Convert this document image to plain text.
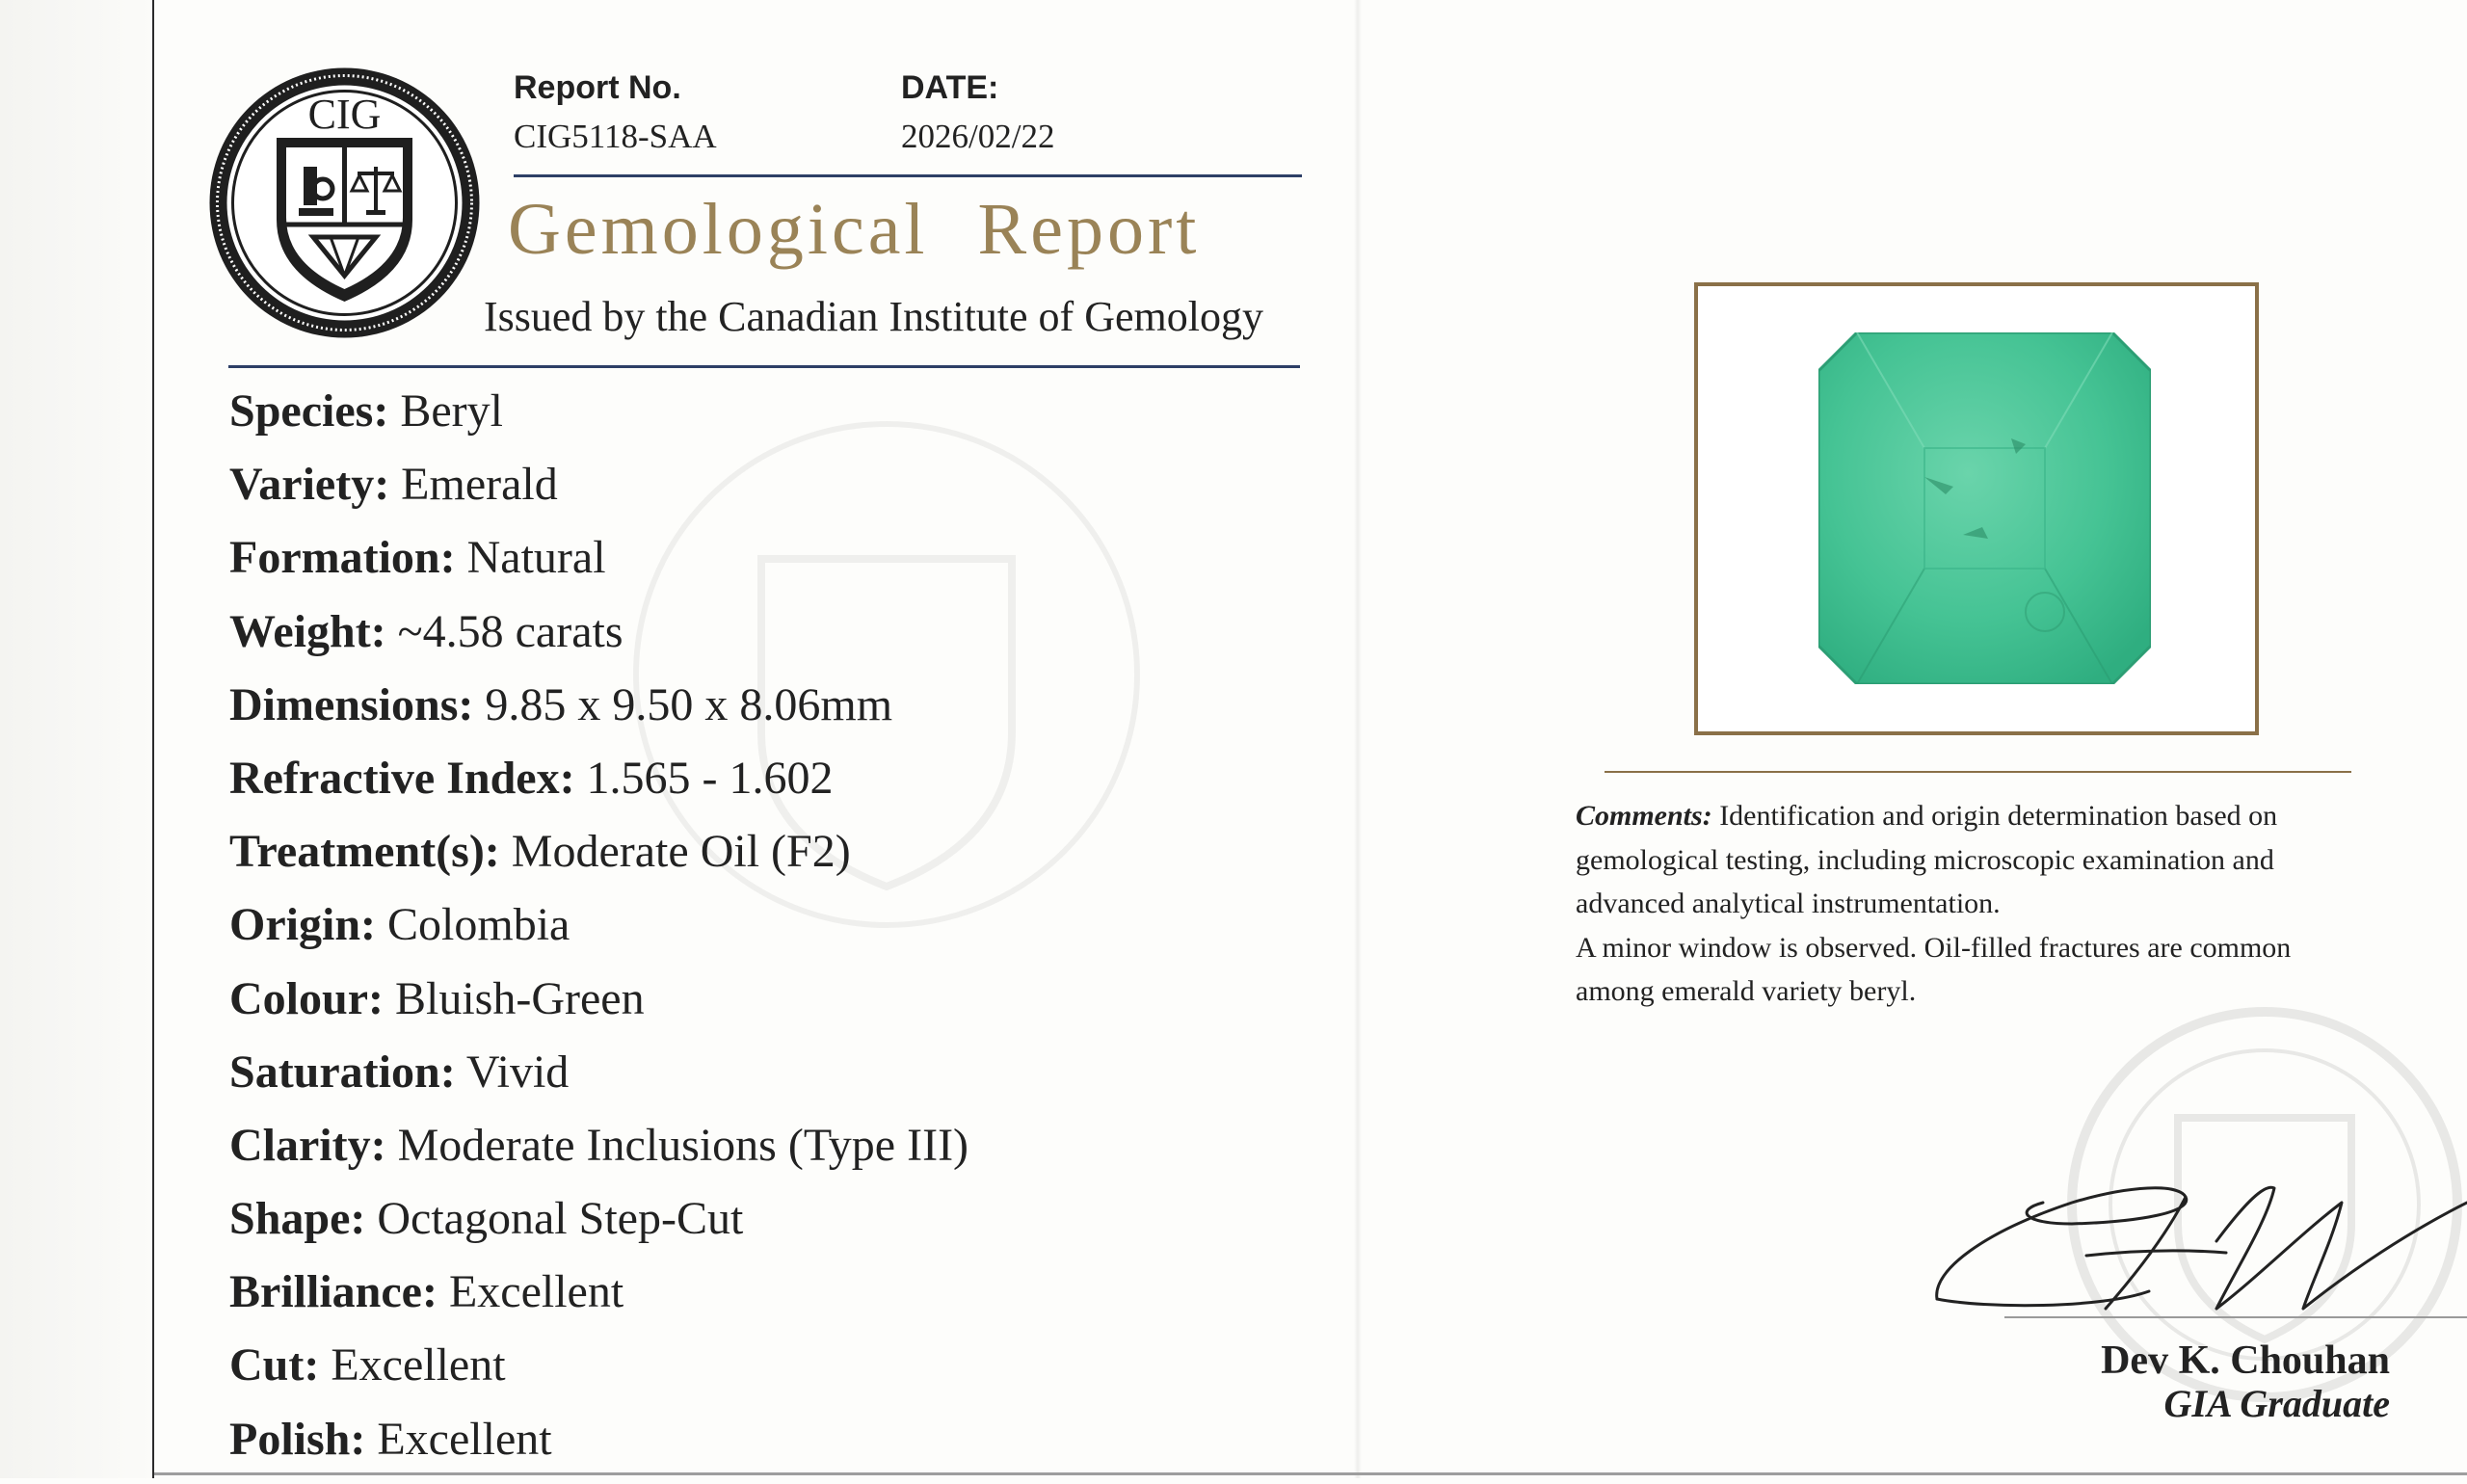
CIG
Report No.
CIG5118-SAA
DATE:
2026/02/22
Gemological Report
Issued by the Canadian Institute of Gemology
Species: Beryl
Variety: Emerald
Formation: Natural
Weight: ~4.58 carats
Dimensions: 9.85 x 9.50 x 8.06mm
Refractive Index: 1.565 - 1.602
Treatment(s): Moderate Oil (F2)
Origin: Colombia
Colour: Bluish-Green
Saturation: Vivid
Clarity: Moderate Inclusions (Type III)
Shape: Octagonal Step-Cut
Brilliance: Excellent
Cut: Excellent
Polish: Excellent
Comments: Identification and origin determination based on
gemological testing, including microscopic examination and
advanced analytical instrumentation.
A minor window is observed. Oil-filled fractures are common
among emerald variety beryl.
Dev K. Chouhan
GIA Graduate
